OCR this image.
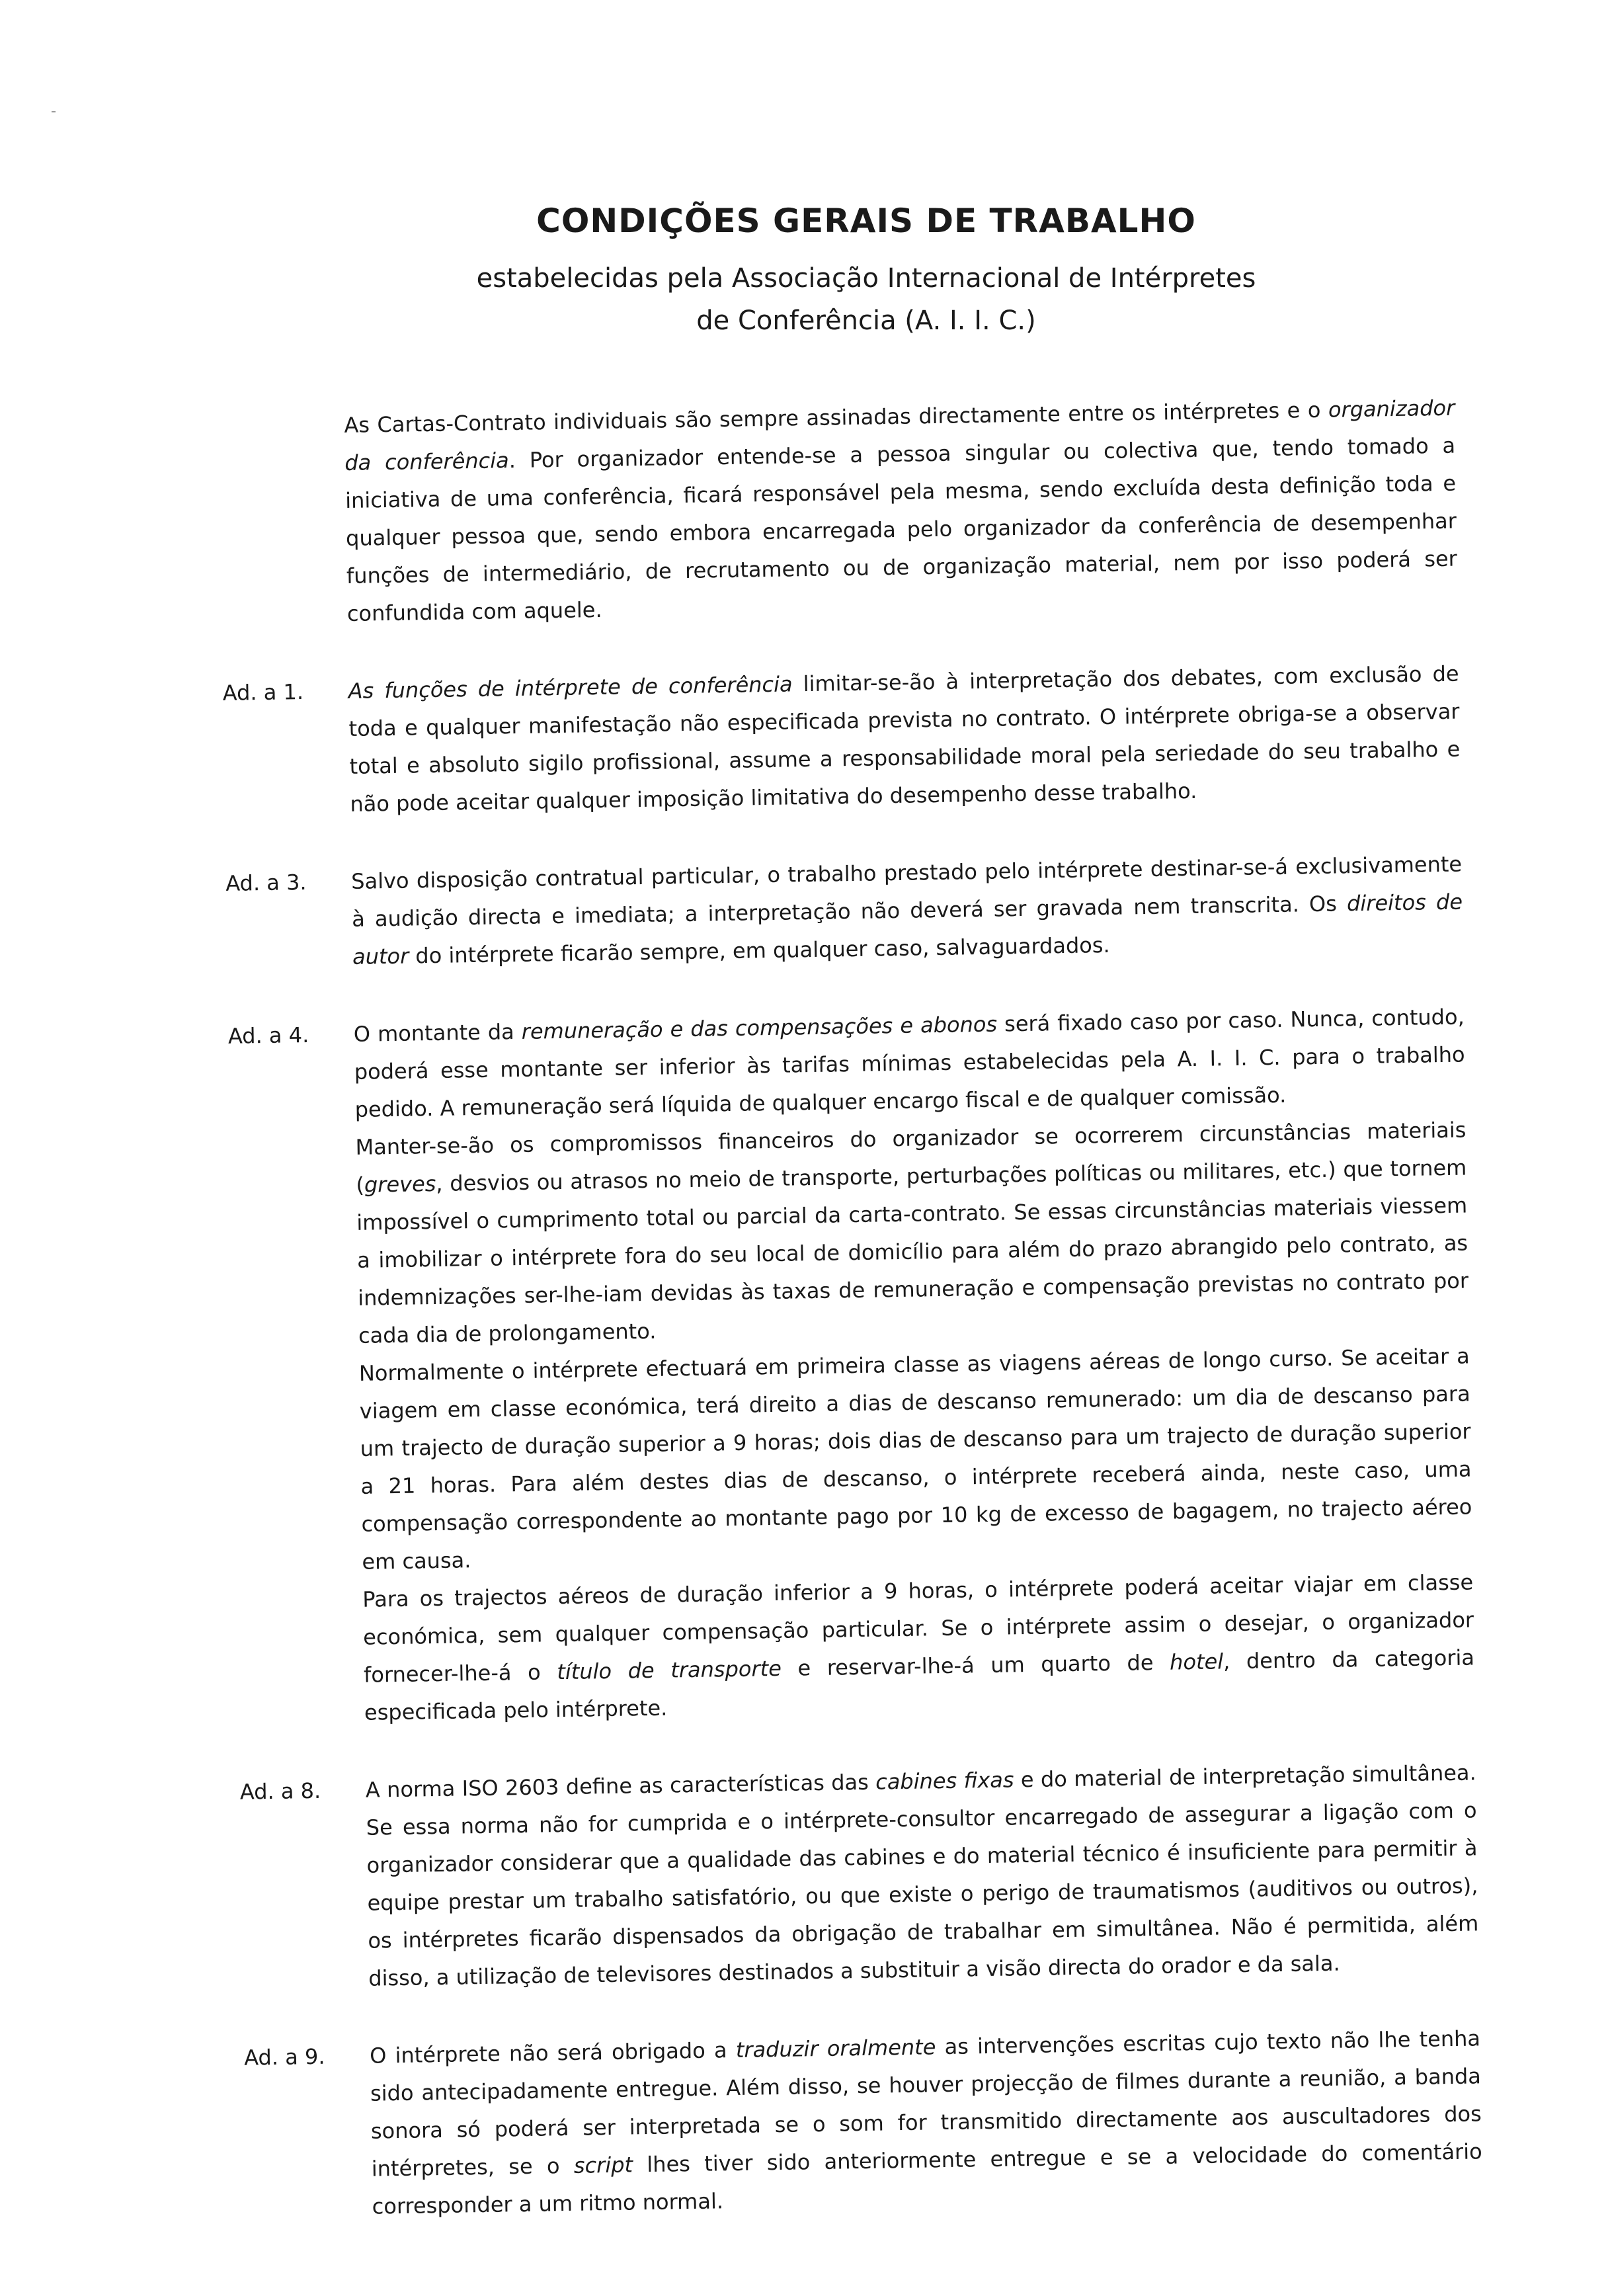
CONDIÇÕES GERAIS DE TRABALHO

estabelecidas pela Associação Internacional de Intérpretes

de Conferência (A. I. I. C.)

As Cartas-Contrato individuais são sempre assinadas directamente entre os intérpretes e o organizador da conferência. Por organizador entende-se a pessoa singular ou colectiva que, tendo tomado a iniciativa de uma conferência, ficará responsável pela mesma, sendo excluída desta definição toda e qualquer pessoa que, sendo embora encarregada pelo organizador da conferência de desempenhar funções de intermediário, de recrutamento ou de organização material, nem por isso poderá ser confundida com aquele.

Ad. a 1.	As funções de intérprete de conferência limitar-se-ão à interpretação dos debates, com exclusão de toda e qualquer manifestação não especificada prevista no contrato. O intérprete obriga-se a observar total e absoluto sigilo profissional, assume a responsabilidade moral pela seriedade do seu trabalho e não pode aceitar qualquer imposição limitativa do desempenho desse trabalho.

Ad. a 3.	Salvo disposição contratual particular, o trabalho prestado pelo intérprete destinar-se-á exclusivamente à audição directa e imediata; a interpretação não deverá ser gravada nem transcrita. Os direitos de autor do intérprete ficarão sempre, em qualquer caso, salvaguardados.

Ad. a 4.	O montante da remuneração e das compensações e abonos será fixado caso por caso. Nunca, contudo, poderá esse montante ser inferior às tarifas mínimas estabelecidas pela A. I. I. C. para o trabalho pedido. A remuneração será líquida de qualquer encargo fiscal e de qualquer comissão.

Manter-se-ão os compromissos financeiros do organizador se ocorrerem circunstâncias materiais (greves, desvios ou atrasos no meio de transporte, perturbações políticas ou militares, etc.) que tornem impossível o cumprimento total ou parcial da carta-contrato. Se essas circunstâncias materiais viessem a imobilizar o intérprete fora do seu local de domicílio para além do prazo abrangido pelo contrato, as indemnizações ser-lhe-iam devidas às taxas de remuneração e compensação previstas no contrato por cada dia de prolongamento.

Normalmente o intérprete efectuará em primeira classe as viagens aéreas de longo curso. Se aceitar a viagem em classe económica, terá direito a dias de descanso remunerado: um dia de descanso para um trajecto de duração superior a 9 horas; dois dias de descanso para um trajecto de duração superior a 21 horas. Para além destes dias de descanso, o intérprete receberá ainda, neste caso, uma compensação correspondente ao montante pago por 10 kg de excesso de bagagem, no trajecto aéreo em causa.

Para os trajectos aéreos de duração inferior a 9 horas, o intérprete poderá aceitar viajar em classe económica, sem qualquer compensação particular. Se o intérprete assim o desejar, o organizador fornecer-lhe-á o título de transporte e reservar-lhe-á um quarto de hotel, dentro da categoria especificada pelo intérprete.

Ad. a 8.	A norma ISO 2603 define as características das cabines fixas e do material de interpretação simultânea. Se essa norma não for cumprida e o intérprete-consultor encarregado de assegurar a ligação com o organizador considerar que a qualidade das cabines e do material técnico é insuficiente para permitir à equipe prestar um trabalho satisfatório, ou que existe o perigo de traumatismos (auditivos ou outros), os intérpretes ficarão dispensados da obrigação de trabalhar em simultânea. Não é permitida, além disso, a utilização de televisores destinados a substituir a visão directa do orador e da sala.

Ad. a 9.	O intérprete não será obrigado a traduzir oralmente as intervenções escritas cujo texto não lhe tenha sido antecipadamente entregue. Além disso, se houver projecção de filmes durante a reunião, a banda sonora só poderá ser interpretada se o som for transmitido directamente aos auscultadores dos intérpretes, se o script lhes tiver sido anteriormente entregue e se a velocidade do comentário corresponder a um ritmo normal.
